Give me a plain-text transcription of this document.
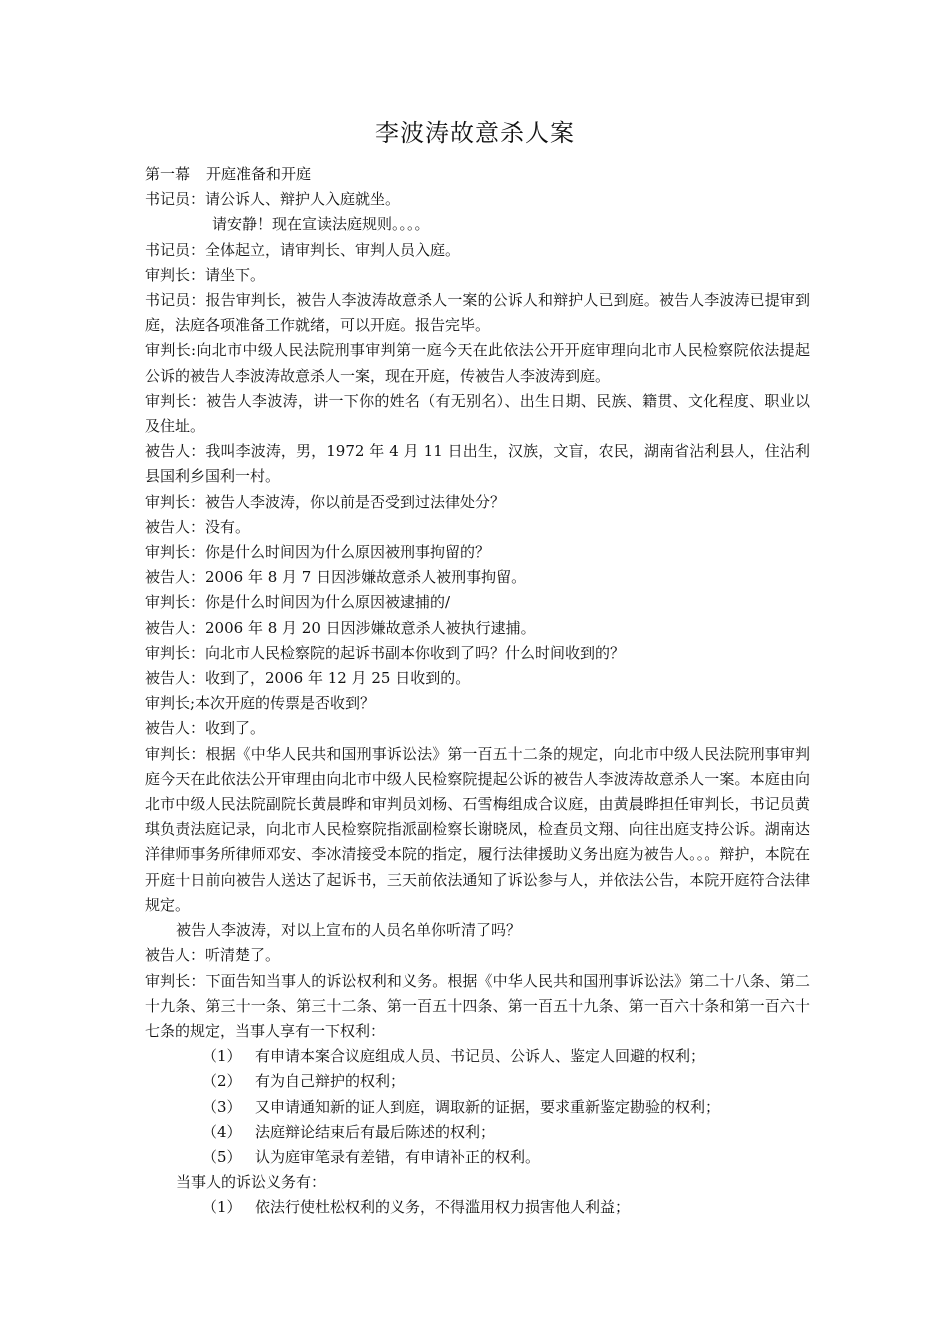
李波涛故意杀人案

第一幕 开庭准备和开庭

书记员：请公诉人、辩护人入庭就坐。

请安静！现在宣读法庭规则。。。。

书记员：全体起立，请审判长、审判人员入庭。

审判长：请坐下。

书记员：报告审判长，被告人李波涛故意杀人一案的公诉人和辩护人已到庭。被告人李波涛已提审到庭，法庭各项准备工作就绪，可以开庭。报告完毕。

审判长:向北市中级人民法院刑事审判第一庭今天在此依法公开开庭审理向北市人民检察院依法提起公诉的被告人李波涛故意杀人一案，现在开庭，传被告人李波涛到庭。

审判长：被告人李波涛，讲一下你的姓名（有无别名）、出生日期、民族、籍贯、文化程度、职业以及住址。

被告人：我叫李波涛，男，1972 年 4 月 11 日出生，汉族，文盲，农民，湖南省沾利县人，住沾利县国利乡国利一村。

审判长：被告人李波涛，你以前是否受到过法律处分？

被告人：没有。

审判长：你是什么时间因为什么原因被刑事拘留的？

被告人：2006 年 8 月 7 日因涉嫌故意杀人被刑事拘留。

审判长：你是什么时间因为什么原因被逮捕的/

被告人：2006 年 8 月 20 日因涉嫌故意杀人被执行逮捕。

审判长：向北市人民检察院的起诉书副本你收到了吗？什么时间收到的？

被告人：收到了，2006 年 12 月 25 日收到的。

审判长;本次开庭的传票是否收到？

被告人：收到了。

审判长：根据《中华人民共和国刑事诉讼法》第一百五十二条的规定，向北市中级人民法院刑事审判庭今天在此依法公开审理由向北市中级人民检察院提起公诉的被告人李波涛故意杀人一案。本庭由向北市中级人民法院副院长黄晨晔和审判员刘杨、石雪梅组成合议庭，由黄晨晔担任审判长，书记员黄琪负责法庭记录，向北市人民检察院指派副检察长谢晓凤，检查员文翔、向往出庭支持公诉。湖南达洋律师事务所律师邓安、李冰清接受本院的指定，履行法律援助义务出庭为被告人。。。辩护，本院在开庭十日前向被告人送达了起诉书，三天前依法通知了诉讼参与人，并依法公告，本院开庭符合法律规定。

被告人李波涛，对以上宣布的人员名单你听清了吗？

被告人：听清楚了。

审判长：下面告知当事人的诉讼权利和义务。根据《中华人民共和国刑事诉讼法》第二十八条、第二十九条、第三十一条、第三十二条、第一百五十四条、第一百五十九条、第一百六十条和第一百六十七条的规定，当事人享有一下权利：

（1） 有申请本案合议庭组成人员、书记员、公诉人、鉴定人回避的权利；

（2） 有为自己辩护的权利；

（3） 又申请通知新的证人到庭，调取新的证据，要求重新鉴定勘验的权利；

（4） 法庭辩论结束后有最后陈述的权利；

（5） 认为庭审笔录有差错，有申请补正的权利。

当事人的诉讼义务有：

（1） 依法行使杜松权利的义务，不得滥用权力损害他人利益；
